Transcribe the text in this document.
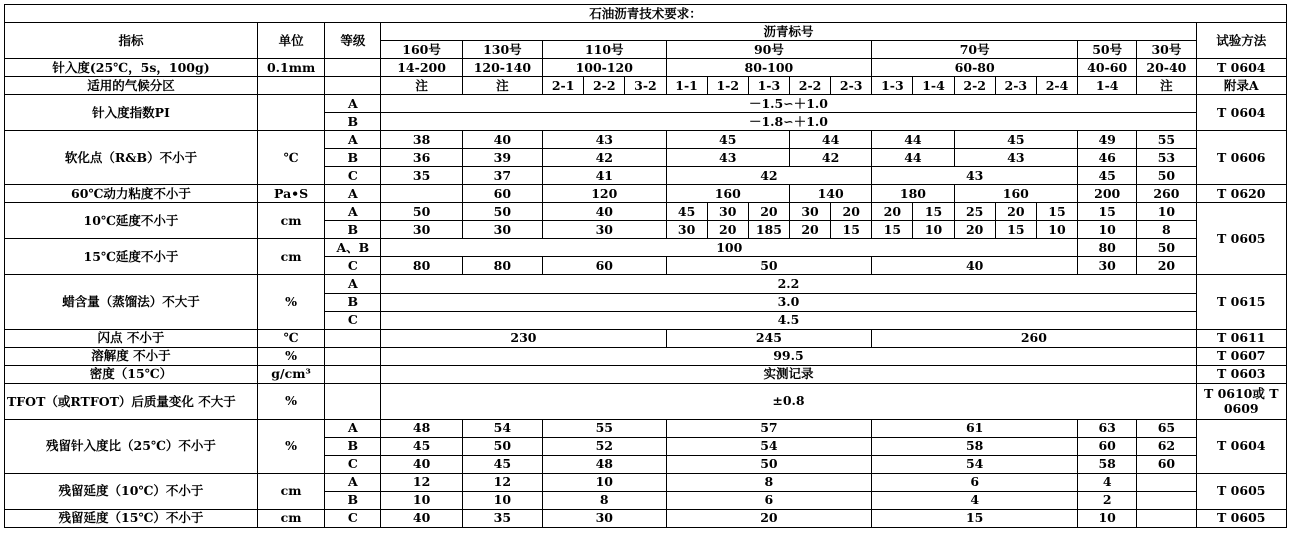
石油沥青技术要求：																				
指标	单位	等级	沥青标号																	试验方法
			160号	130号	110号			90号					70号					50号	30号	
针入度(25℃，5s，100g)	0.1mm		14-200	120-140	100-120			80-100					60-80					40-60	20-40	T 0604
适用的气候分区			注	注	2-1	2-2	3-2	1-1	1-2	1-3	2-2	2-3	1-3	1-4	2-2	2-3	2-4	1-4	注	附录A
针入度指数PI		A	－1.5∽＋1.0																	T 0604
		B	－1.8∽＋1.0																	
软化点（R&B）不小于	℃	A	38	40	43			45			44		44		45			49	55	T 0606
		B	36	39	42			43			42		44		43			46	53	
		C	35	37	41			42					43					45	50	
60℃动力粘度不小于	Pa•S	A		60	120			160			140		180		160			200	260	T 0620
10℃延度不小于	cm	A	50	50	40			45	30	20	30	20	20	15	25	20	15	15	10	T 0605
		B	30	30	30			30	20	185	20	15	15	10	20	15	10	10	8	
15℃延度不小于	cm	A、B	100															80	50	
		C	80	80	60			50					40					30	20	
蜡含量（蒸馏法）不大于	%	A	2.2																	T 0615
		B	3.0																	
		C	4.5																	
闪点 不小于	℃		230					245					260							T 0611
溶解度 不小于	%		99.5																	T 0607
密度（15℃）	g/cm³		实测记录																	T 0603
TFOT（或RTFOT）后质量变化 不大于	%		±0.8																	T 0610或 T 0609
残留针入度比（25℃）不小于	%	A	48	54	55			57					61					63	65	T 0604
		B	45	50	52			54					58					60	62	
		C	40	45	48			50					54					58	60	
残留延度（10℃）不小于	cm	A	12	12	10			8					6					4		T 0605
		B	10	10	8			6					4					2		
残留延度（15℃）不小于	cm	C	40	35	30			20					15					10		T 0605
